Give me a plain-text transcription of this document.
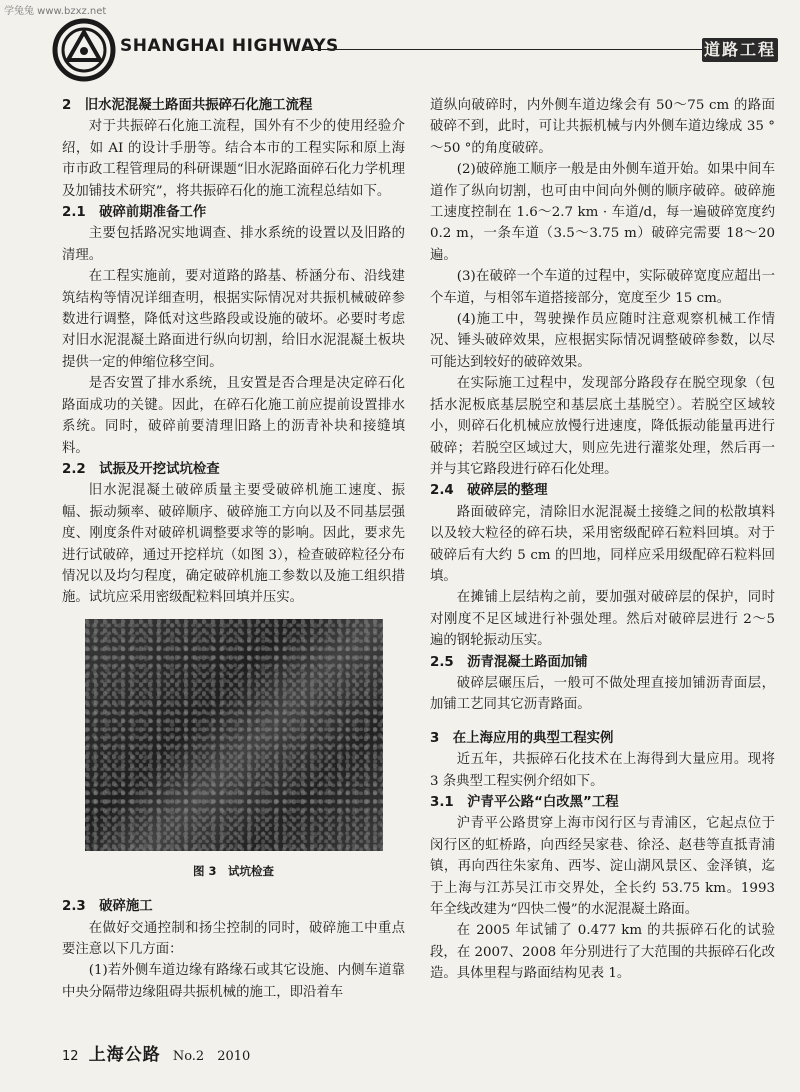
学兔兔 www.bzxz.net
SHANGHAI HIGHWAYS	道路工程
2　旧水泥混凝土路面共振碎石化施工流程

对于共振碎石化施工流程，国外有不少的使用经验介绍，如 AI 的设计手册等。结合本市的工程实际和原上海市市政工程管理局的科研课题“旧水泥路面碎石化力学机理及加铺技术研究”，将共振碎石化的施工流程总结如下。

2.1　破碎前期准备工作

主要包括路况实地调查、排水系统的设置以及旧路的清理。

在工程实施前，要对道路的路基、桥涵分布、沿线建筑结构等情况详细查明，根据实际情况对共振机械破碎参数进行调整，降低对这些路段或设施的破坏。必要时考虑对旧水泥混凝土路面进行纵向切割，给旧水泥混凝土板块提供一定的伸缩位移空间。

是否安置了排水系统，且安置是否合理是决定碎石化路面成功的关键。因此，在碎石化施工前应提前设置排水系统。同时，破碎前要清理旧路上的沥青补块和接缝填料。

2.2　试振及开挖试坑检查

旧水泥混凝土破碎质量主要受破碎机施工速度、振幅、振动频率、破碎顺序、破碎施工方向以及不同基层强度、刚度条件对破碎机调整要求等的影响。因此，要求先进行试破碎，通过开挖样坑（如图 3），检查破碎粒径分布情况以及均匀程度，确定破碎机施工参数以及施工组织措施。试坑应采用密级配粒料回填并压实。

图 3　试坑检查
2.3　破碎施工

在做好交通控制和扬尘控制的同时，破碎施工中重点要注意以下几方面：

(1)若外侧车道边缘有路缘石或其它设施、内侧车道靠中央分隔带边缘阻碍共振机械的施工，即沿着车

道纵向破碎时，内外侧车道边缘会有 50～75 cm 的路面破碎不到，此时，可让共振机械与内外侧车道边缘成 35 °～50 °的角度破碎。

(2)破碎施工顺序一般是由外侧车道开始。如果中间车道作了纵向切割，也可由中间向外侧的顺序破碎。破碎施工速度控制在 1.6～2.7 km · 车道/d，每一遍破碎宽度约 0.2 m，一条车道（3.5～3.75 m）破碎完需要 18～20 遍。

(3)在破碎一个车道的过程中，实际破碎宽度应超出一个车道，与相邻车道搭接部分，宽度至少 15 cm。

(4)施工中，驾驶操作员应随时注意观察机械工作情况、锤头破碎效果，应根据实际情况调整破碎参数，以尽可能达到较好的破碎效果。

在实际施工过程中，发现部分路段存在脱空现象（包括水泥板底基层脱空和基层底土基脱空）。若脱空区域较小，则碎石化机械应放慢行进速度，降低振动能量再进行破碎；若脱空区域过大，则应先进行灌浆处理，然后再一并与其它路段进行碎石化处理。

2.4　破碎层的整理

路面破碎完，清除旧水泥混凝土接缝之间的松散填料以及较大粒径的碎石块，采用密级配碎石粒料回填。对于破碎后有大约 5 cm 的凹地，同样应采用级配碎石粒料回填。

在摊铺上层结构之前，要加强对破碎层的保护，同时对刚度不足区域进行补强处理。然后对破碎层进行 2～5 遍的钢轮振动压实。

2.5　沥青混凝土路面加铺

破碎层碾压后，一般可不做处理直接加铺沥青面层，加铺工艺同其它沥青路面。

3　在上海应用的典型工程实例

近五年，共振碎石化技术在上海得到大量应用。现将 3 条典型工程实例介绍如下。

3.1　沪青平公路“白改黑”工程

沪青平公路贯穿上海市闵行区与青浦区，它起点位于闵行区的虹桥路，向西经吴家巷、徐泾、赵巷等直抵青浦镇，再向西往朱家角、西岑、淀山湖风景区、金泽镇，迄于上海与江苏吴江市交界处，全长约 53.75 km。1993 年全线改建为“四快二慢”的水泥混凝土路面。

在 2005 年试铺了 0.477 km 的共振碎石化的试验段，在 2007、2008 年分别进行了大范围的共振碎石化改造。具体里程与路面结构见表 1。

12 上海公路 No.2　2010
